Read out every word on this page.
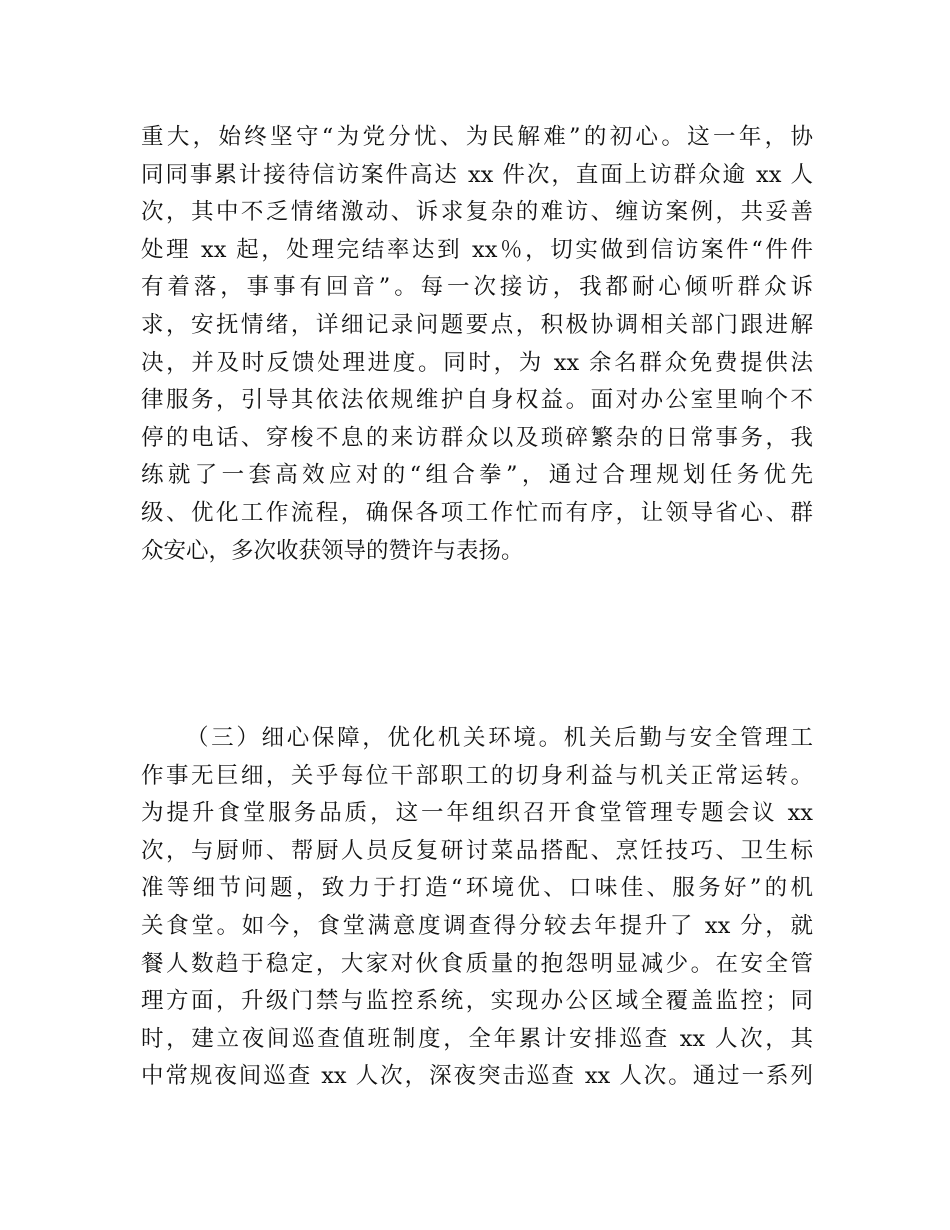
重大，始终坚守“为党分忧、为民解难”的初心。这一年，协
同同事累计接待信访案件高达 xx 件次，直面上访群众逾 xx 人
次，其中不乏情绪激动、诉求复杂的难访、缠访案例，共妥善
处理 xx 起，处理完结率达到 xx％，切实做到信访案件“件件
有着落，事事有回音”。每一次接访，我都耐心倾听群众诉
求，安抚情绪，详细记录问题要点，积极协调相关部门跟进解
决，并及时反馈处理进度。同时，为 xx 余名群众免费提供法
律服务，引导其依法依规维护自身权益。面对办公室里响个不
停的电话、穿梭不息的来访群众以及琐碎繁杂的日常事务，我
练就了一套高效应对的“组合拳”，通过合理规划任务优先
级、优化工作流程，确保各项工作忙而有序，让领导省心、群
众安心，多次收获领导的赞许与表扬。
（三）细心保障，优化机关环境。机关后勤与安全管理工
作事无巨细，关乎每位干部职工的切身利益与机关正常运转。
为提升食堂服务品质，这一年组织召开食堂管理专题会议 xx
次，与厨师、帮厨人员反复研讨菜品搭配、烹饪技巧、卫生标
准等细节问题，致力于打造“环境优、口味佳、服务好”的机
关食堂。如今，食堂满意度调查得分较去年提升了 xx 分，就
餐人数趋于稳定，大家对伙食质量的抱怨明显减少。在安全管
理方面，升级门禁与监控系统，实现办公区域全覆盖监控；同
时，建立夜间巡查值班制度，全年累计安排巡查 xx 人次，其
中常规夜间巡查 xx 人次，深夜突击巡查 xx 人次。通过一系列
